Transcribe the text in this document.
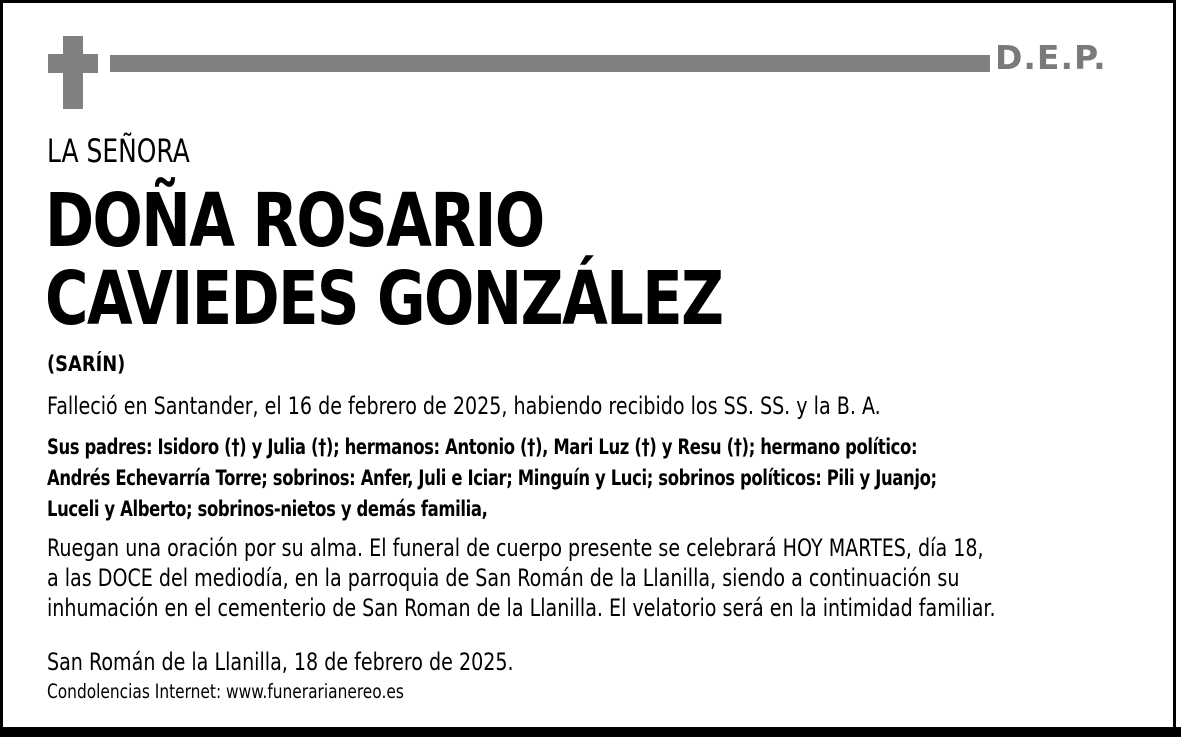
D.E.P.
LA SEÑORA
DOÑA ROSARIO
CAVIEDES GONZÁLEZ
(SARÍN)
Falleció en Santander, el 16 de febrero de 2025, habiendo recibido los SS. SS. y la B. A.
Sus padres: Isidoro (†) y Julia (†); hermanos: Antonio (†), Mari Luz (†) y Resu (†); hermano político:
Andrés Echevarría Torre; sobrinos: Anfer, Juli e Iciar; Minguín y Luci; sobrinos políticos: Pili y Juanjo;
Luceli y Alberto; sobrinos-nietos y demás familia,
Ruegan una oración por su alma. El funeral de cuerpo presente se celebrará HOY MARTES, día 18,
a las DOCE del mediodía, en la parroquia de San Román de la Llanilla, siendo a continuación su
inhumación en el cementerio de San Roman de la Llanilla. El velatorio será en la intimidad familiar.
San Román de la Llanilla, 18 de febrero de 2025.
Condolencias Internet: www.funerarianereo.es
